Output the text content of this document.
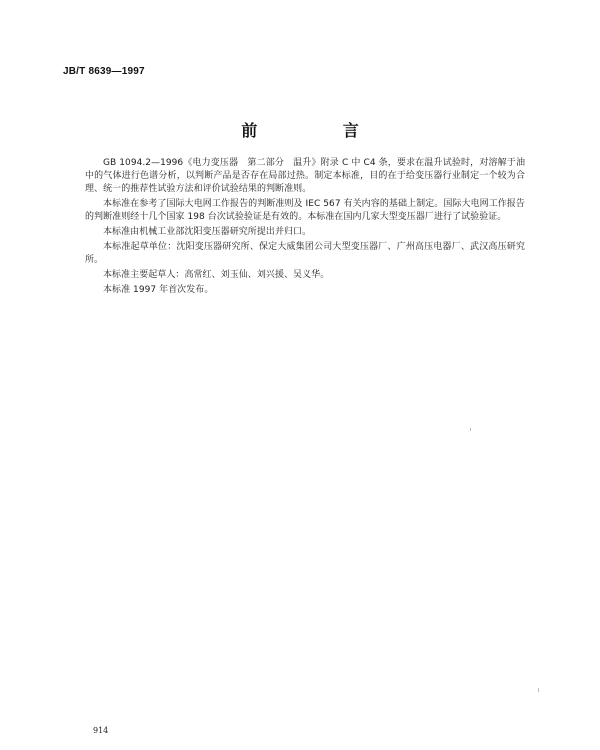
JB/T 8639—1997
前 言

GB 1094.2—1996《电力变压器　第二部分　温升》附录 C 中 C4 条，要求在温升试验时，对溶解于油中的气体进行色谱分析，以判断产品是否存在局部过热。制定本标准，目的在于给变压器行业制定一个较为合理、统一的推荐性试验方法和评价试验结果的判断准则。

本标准在参考了国际大电网工作报告的判断准则及 IEC 567 有关内容的基础上制定。国际大电网工作报告的判断准则经十几个国家 198 台次试验验证是有效的。本标准在国内几家大型变压器厂进行了试验验证。

本标准由机械工业部沈阳变压器研究所提出并归口。

本标准起草单位：沈阳变压器研究所、保定大威集团公司大型变压器厂、广州高压电器厂、武汉高压研究所。

本标准主要起草人：高常红、刘玉仙、刘兴援、吴义华。

本标准 1997 年首次发布。

914
